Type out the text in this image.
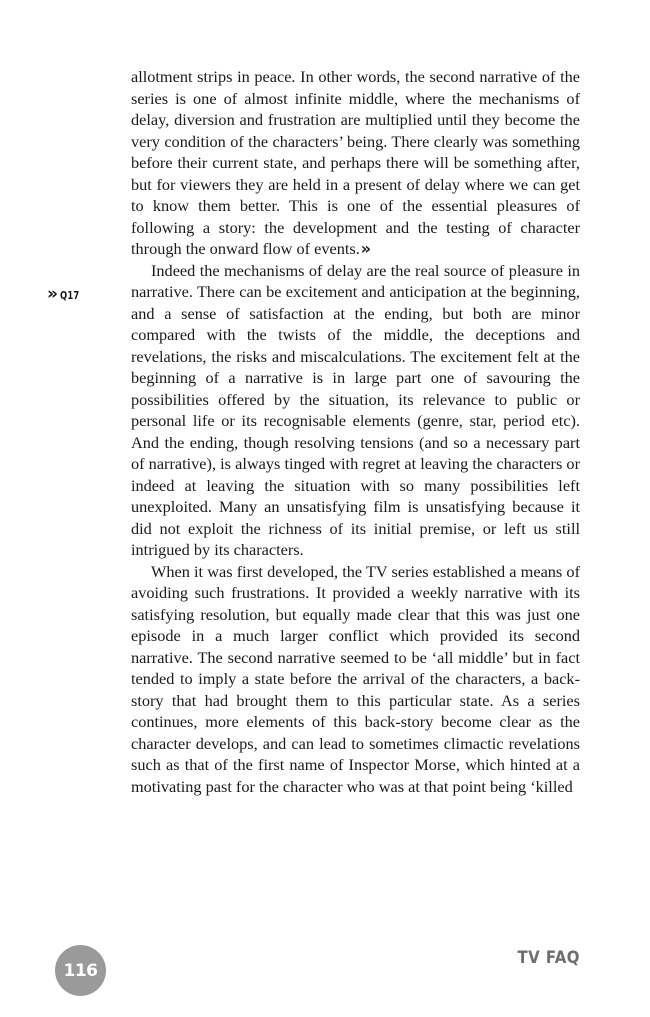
allotment strips in peace. In other words, the second narrative of the series is one of almost infinite middle, where the mechanisms of delay, diversion and frustration are multiplied until they become the very condition of the characters’ being. There clearly was something before their current state, and perhaps there will be something after, but for viewers they are held in a present of delay where we can get to know them better. This is one of the essential pleasures of following a story: the development and the testing of character through the onward flow of events.»

Indeed the mechanisms of delay are the real source of pleasure in narrative. There can be excitement and anticipation at the beginning, and a sense of satisfaction at the ending, but both are minor compared with the twists of the middle, the deceptions and revelations, the risks and miscalculations. The excitement felt at the beginning of a narrative is in large part one of savouring the possibilities offered by the situation, its relevance to public or personal life or its recognisable elements (genre, star, period etc). And the ending, though resolving tensions (and so a necessary part of narrative), is always tinged with regret at leaving the characters or indeed at leaving the situation with so many possibilities left unexploited. Many an unsatisfying film is unsatisfying because it did not exploit the richness of its initial premise, or left us still intrigued by its characters.

When it was first developed, the TV series established a means of avoiding such frustrations. It provided a weekly narrative with its satisfying resolution, but equally made clear that this was just one episode in a much larger conflict which provided its second narrative. The second narrative seemed to be ‘all middle’ but in fact tended to imply a state before the arrival of the characters, a back-story that had brought them to this particular state. As a series continues, more elements of this back-story become clear as the character develops, and can lead to sometimes climactic revelations such as that of the first name of Inspector Morse, which hinted at a motivating past for the character who was at that point being ‘killed

» Q17
116
TV FAQ
